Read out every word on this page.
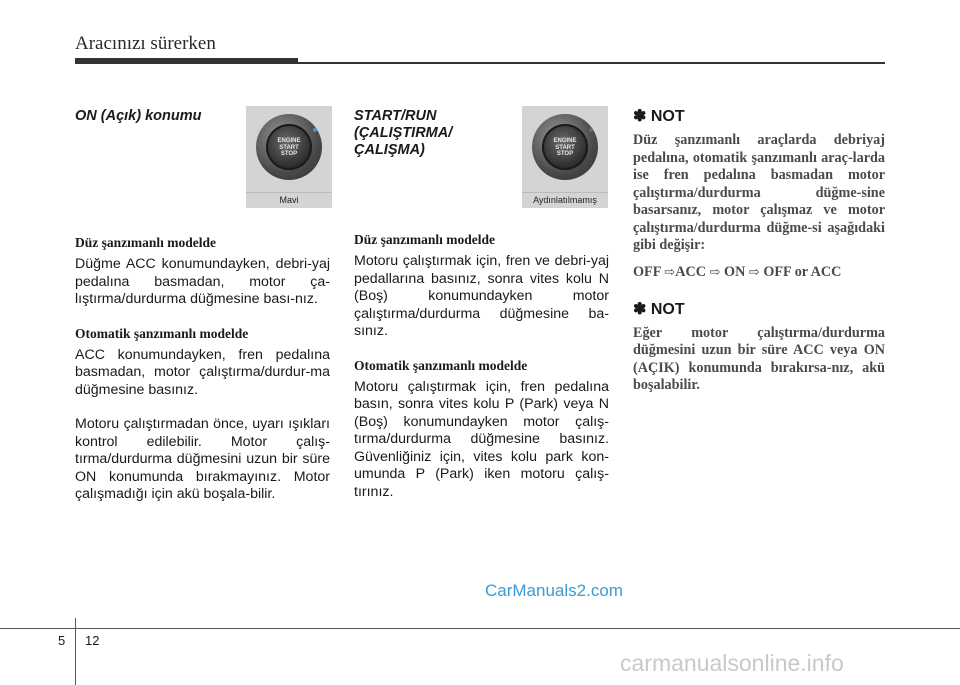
Aracınızı sürerken
ON (Açık) konumu
ENGINE
START
STOP
Mavi
Düz şanzımanlı modelde

Düğme ACC konumundayken, debri-yaj pedalına basmadan, motor ça-lıştırma/durdurma düğmesine bası-nız.

Otomatik şanzımanlı modelde

ACC konumundayken, fren pedalına basmadan, motor çalıştırma/durdur-ma düğmesine basınız.

Motoru çalıştırmadan önce, uyarı ışıkları kontrol edilebilir. Motor çalış-tırma/durdurma düğmesini uzun bir süre ON konumunda bırakmayınız. Motor çalışmadığı için akü boşala-bilir.

START/RUN
(ÇALIŞTIRMA/
ÇALIŞMA)
ENGINE
START
STOP
Aydınlatılmamış
Düz şanzımanlı modelde

Motoru çalıştırmak için, fren ve debri-yaj pedallarına basınız, sonra vites kolu N (Boş) konumundayken motor çalıştırma/durdurma düğmesine ba-sınız.

Otomatik şanzımanlı modelde

Motoru çalıştırmak için, fren pedalına basın, sonra vites kolu P (Park) veya N (Boş) konumundayken motor çalış-tırma/durdurma düğmesine basınız. Güvenliğiniz için, vites kolu park kon-umunda P (Park) iken motoru çalış-tırınız.

✽ NOT

Düz şanzımanlı araçlarda debriyaj pedalına, otomatik şanzımanlı araç-larda ise fren pedalına basmadan motor çalıştırma/durdurma düğme-sine basarsanız, motor çalışmaz ve motor çalıştırma/durdurma düğme-si aşağıdaki gibi değişir:

OFF ⇨ACC ⇨ ON ⇨ OFF or ACC
✽ NOT

Eğer motor çalıştırma/durdurma düğmesini uzun bir süre ACC veya ON (AÇIK) konumunda bırakırsa-nız, akü boşalabilir.

CarManuals2.com
5 12
carmanualsonline.info
